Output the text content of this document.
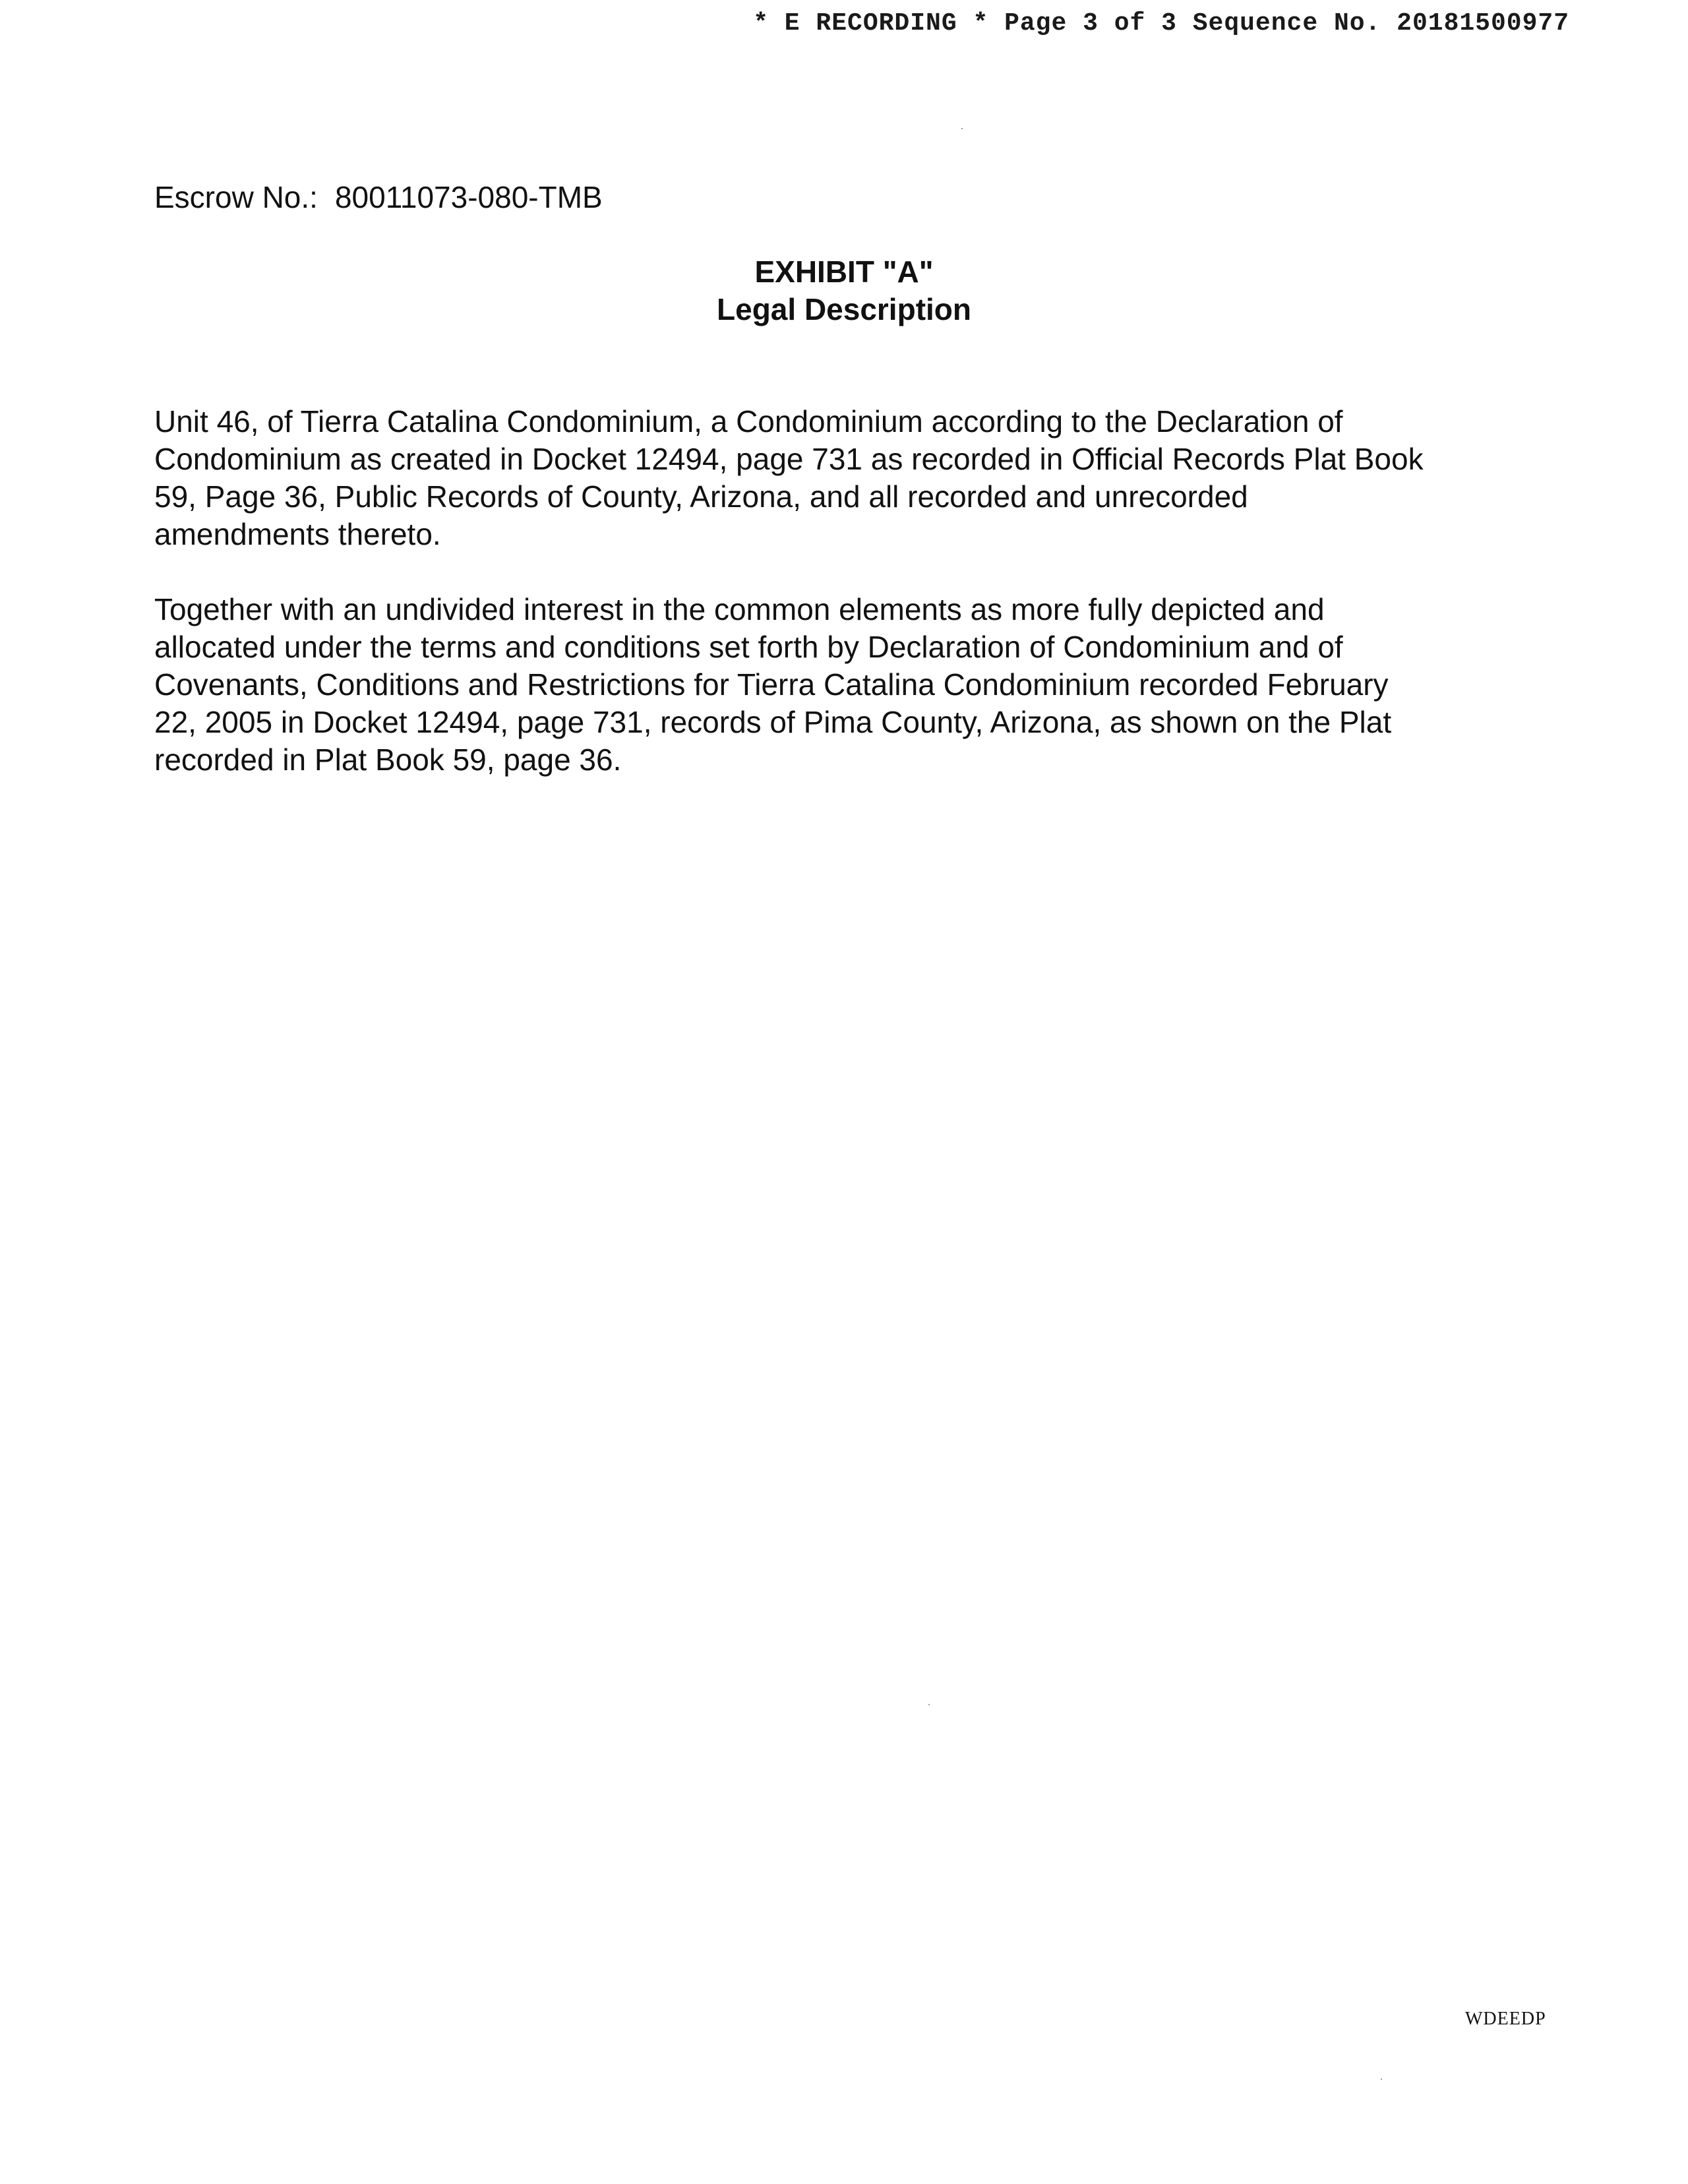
* E RECORDING * Page 3 of 3 Sequence No. 20181500977
Escrow No.: 80011073-080-TMB
EXHIBIT "A"
Legal Description
Unit 46, of Tierra Catalina Condominium, a Condominium according to the Declaration of
Condominium as created in Docket 12494, page 731 as recorded in Official Records Plat Book
59, Page 36, Public Records of County, Arizona, and all recorded and unrecorded
amendments thereto.
Together with an undivided interest in the common elements as more fully depicted and
allocated under the terms and conditions set forth by Declaration of Condominium and of
Covenants, Conditions and Restrictions for Tierra Catalina Condominium recorded February
22, 2005 in Docket 12494, page 731, records of Pima County, Arizona, as shown on the Plat
recorded in Plat Book 59, page 36.
WDEEDP
